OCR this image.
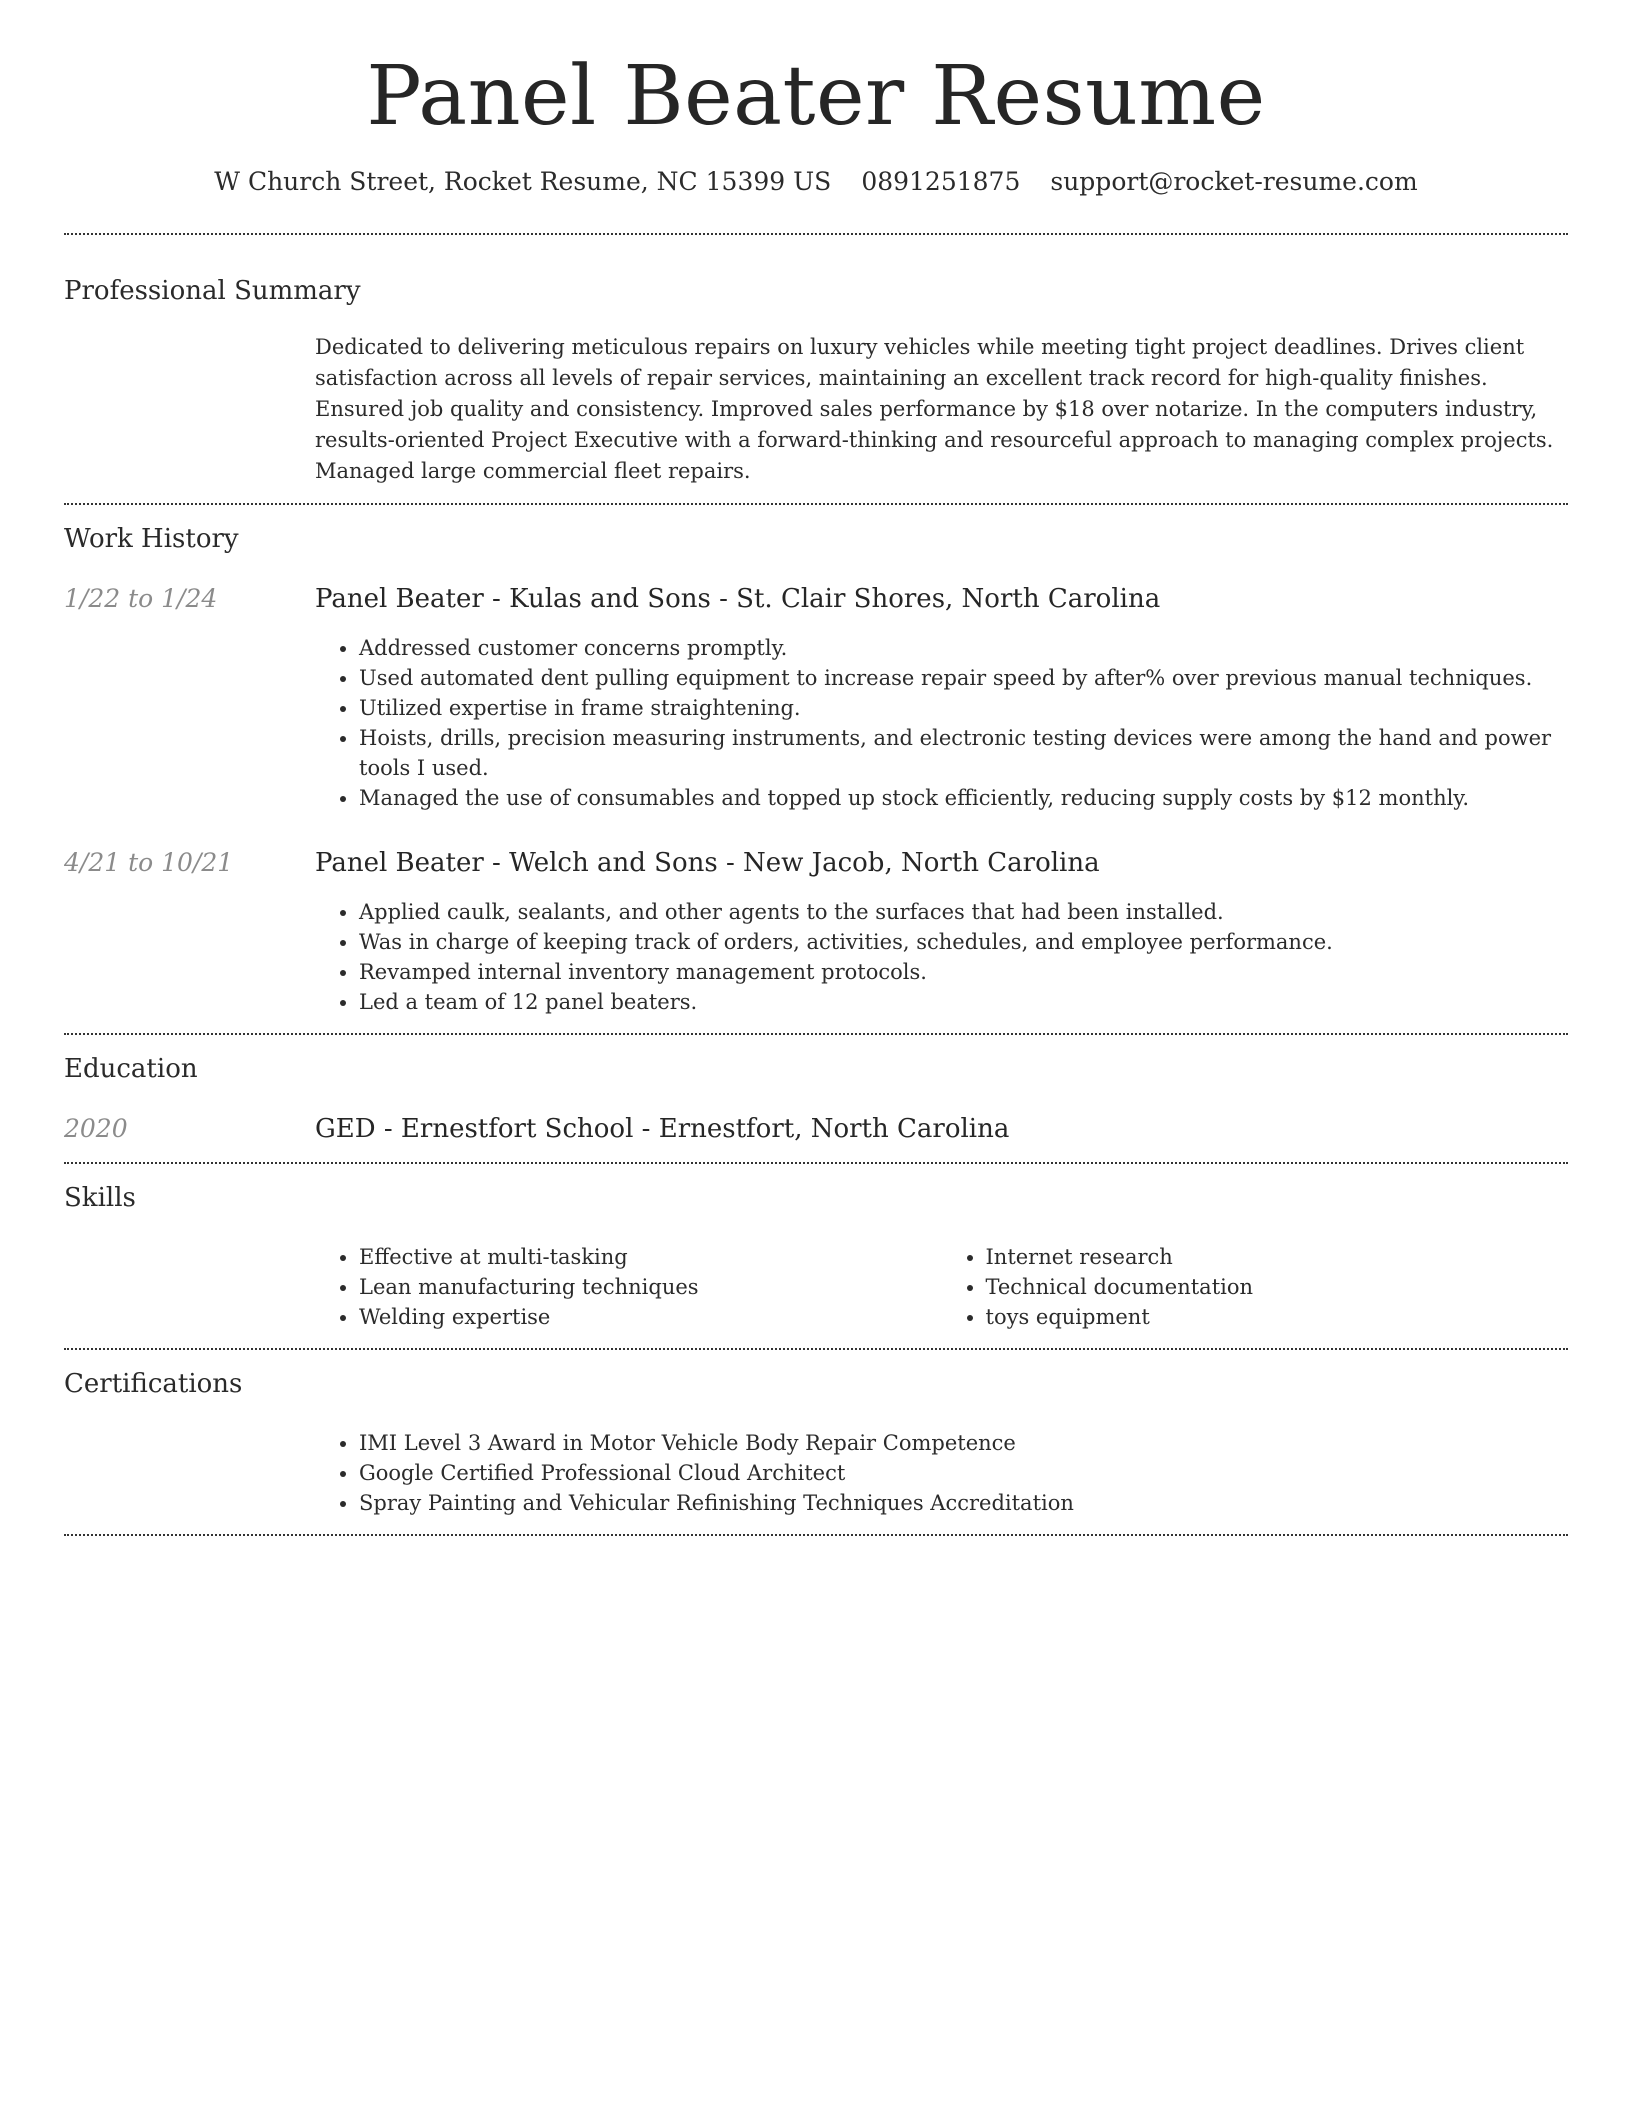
Panel Beater Resume
W Church Street, Rocket Resume, NC 15399 US 0891251875 support@rocket-resume.com
Professional Summary

Dedicated to delivering meticulous repairs on luxury vehicles while meeting tight project deadlines. Drives client satisfaction across all levels of repair services, maintaining an excellent track record for high-quality finishes. Ensured job quality and consistency. Improved sales performance by $18 over notarize. In the computers industry, results-oriented Project Executive with a forward-thinking and resourceful approach to managing complex projects. Managed large commercial fleet repairs.

Work History
1/22 to 1/24	Panel Beater - Kulas and Sons - St. Clair Shores, North Carolina
• Addressed customer concerns promptly.
• Used automated dent pulling equipment to increase repair speed by after% over previous manual techniques.
• Utilized expertise in frame straightening.
• Hoists, drills, precision measuring instruments, and electronic testing devices were among the hand and power tools I used.
• Managed the use of consumables and topped up stock efficiently, reducing supply costs by $12 monthly.
4/21 to 10/21	Panel Beater - Welch and Sons - New Jacob, North Carolina
• Applied caulk, sealants, and other agents to the surfaces that had been installed.
• Was in charge of keeping track of orders, activities, schedules, and employee performance.
• Revamped internal inventory management protocols.
• Led a team of 12 panel beaters.
Education
2020	GED - Ernestfort School - Ernestfort, North Carolina
Skills
• Effective at multi-tasking
• Lean manufacturing techniques
• Welding expertise
• Internet research
• Technical documentation
• toys equipment
Certifications
• IMI Level 3 Award in Motor Vehicle Body Repair Competence
• Google Certified Professional Cloud Architect
• Spray Painting and Vehicular Refinishing Techniques Accreditation
